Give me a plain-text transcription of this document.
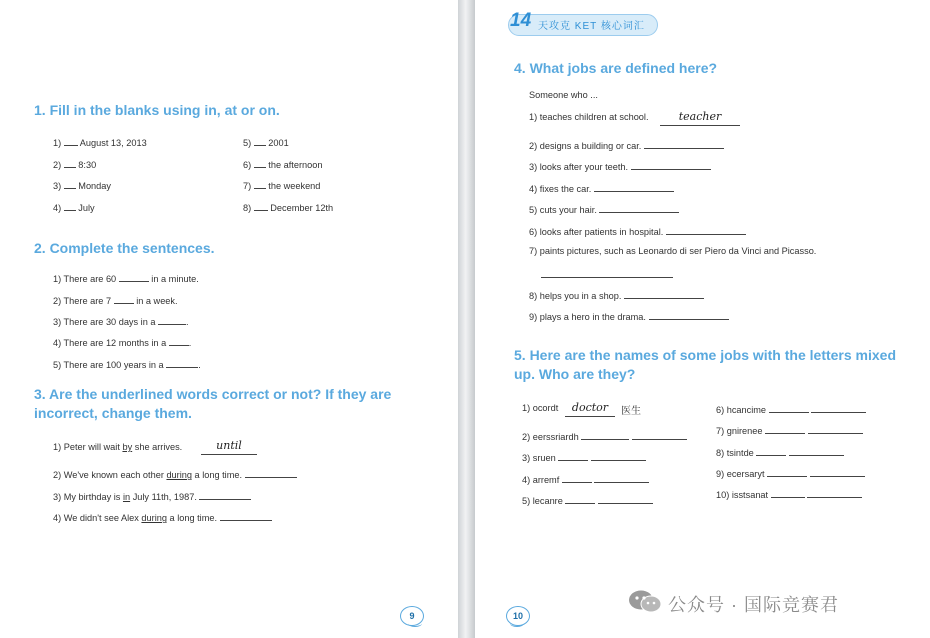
1. Fill in the blanks using in, at or on.
1) August 13, 2013
2) 8:30
3) Monday
4) July
5) 2001
6) the afternoon
7) the weekend
8) December 12th
2. Complete the sentences.
1) There are 60	in a minute.
2) There are 7	in a week.
3) There are 30 days in a	.
4) There are 12 months in a .
5) There are 100 years in a	.
3. Are the underlined words correct or not? If they are
incorrect, change them.
1) Peter will wait by she arrives.	until
2) We've known each other during a long time.
3) My birthday is in July 11th, 1987.
4) We didn't see Alex during a long time.
9
14 天攻克 KET 核心词汇
4. What jobs are defined here?
Someone who ...
1) teaches children at school.	teacher
2) designs a building or car.
3) looks after your teeth.
4) fixes the car.
5) cuts your hair.
6) looks after patients in hospital.
7) paints pictures, such as Leonardo di ser Piero da Vinci and Picasso.
8) helps you in a shop.
9) plays a hero in the drama.
5. Here are the names of some jobs with the letters mixed
up. Who are they?
1) ocordt	doctor	医生
2) eerssriardh
3) sruen
4) arremf
5) lecanre
6) hcancime
7) gnirenee
8) tsintde
9) ecersaryt
10) isstsanat
10
公众号 · 国际竞赛君
